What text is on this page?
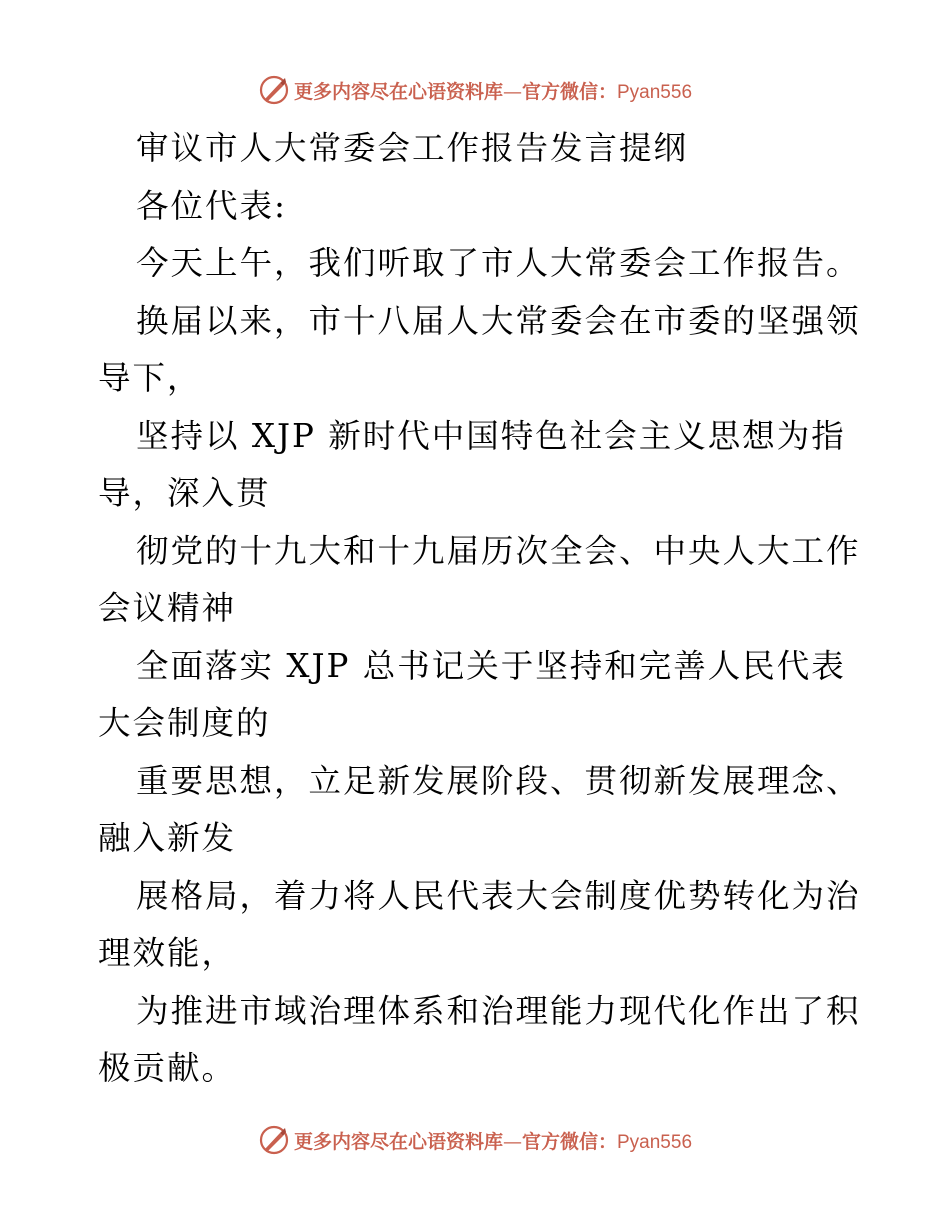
更多内容尽在心语资料库—官方微信：Pyan556
审议市人大常委会工作报告发言提纲
各位代表:
今天上午，我们听取了市人大常委会工作报告。
换届以来，市十八届人大常委会在市委的坚强领
导下，
坚持以 XJP 新时代中国特色社会主义思想为指
导，深入贯
彻党的十九大和十九届历次全会、中央人大工作
会议精神
全面落实 XJP 总书记关于坚持和完善人民代表
大会制度的
重要思想，立足新发展阶段、贯彻新发展理念、
融入新发
展格局，着力将人民代表大会制度优势转化为治
理效能，
为推进市域治理体系和治理能力现代化作出了积
极贡献。
更多内容尽在心语资料库—官方微信：Pyan556
